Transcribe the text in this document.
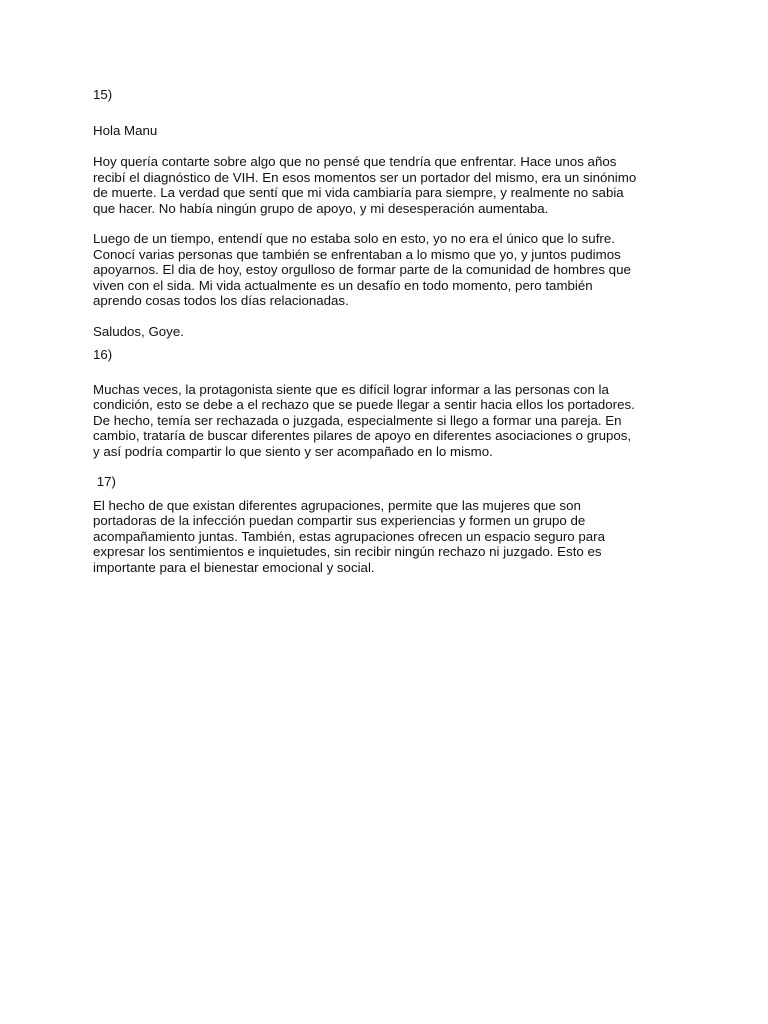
15)

Hola Manu

Hoy quería contarte sobre algo que no pensé que tendría que enfrentar. Hace unos años
recibí el diagnóstico de VIH. En esos momentos ser un portador del mismo, era un sinónimo
de muerte. La verdad que sentí que mi vida cambiaría para siempre, y realmente no sabia
que hacer. No había ningún grupo de apoyo, y mi desesperación aumentaba.

Luego de un tiempo, entendí que no estaba solo en esto, yo no era el único que lo sufre.
Conocí varias personas que también se enfrentaban a lo mismo que yo, y juntos pudimos
apoyarnos. El dia de hoy, estoy orgulloso de formar parte de la comunidad de hombres que
viven con el sida. Mi vida actualmente es un desafío en todo momento, pero también
aprendo cosas todos los días relacionadas.

Saludos, Goye.

16)

Muchas veces, la protagonista siente que es difícil lograr informar a las personas con la
condición, esto se debe a el rechazo que se puede llegar a sentir hacia ellos los portadores.
De hecho, temía ser rechazada o juzgada, especialmente si llego a formar una pareja. En
cambio, trataría de buscar diferentes pilares de apoyo en diferentes asociaciones o grupos,
y así podría compartir lo que siento y ser acompañado en lo mismo.

17)

El hecho de que existan diferentes agrupaciones, permite que las mujeres que son
portadoras de la infección puedan compartir sus experiencias y formen un grupo de
acompañamiento juntas. También, estas agrupaciones ofrecen un espacio seguro para
expresar los sentimientos e inquietudes, sin recibir ningún rechazo ni juzgado. Esto es
importante para el bienestar emocional y social.
